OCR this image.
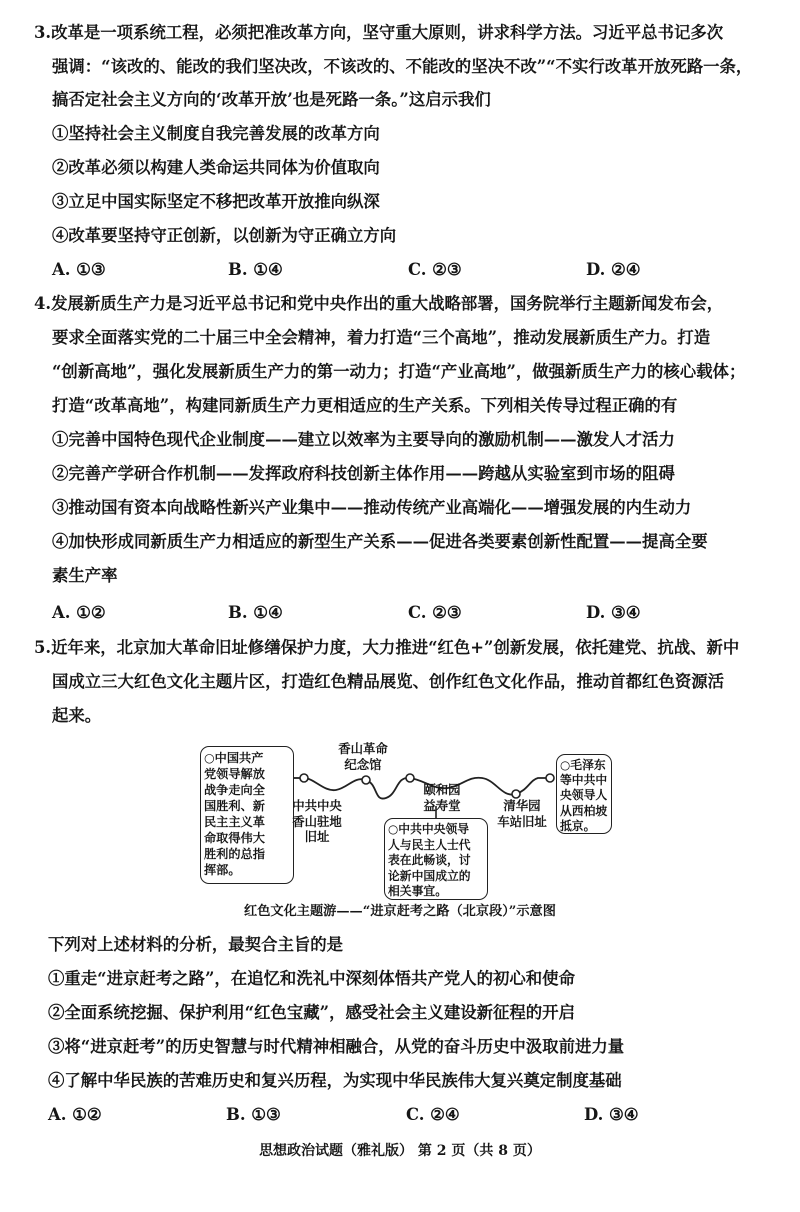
3.改革是一项系统工程，必须把准改革方向，坚守重大原则，讲求科学方法。习近平总书记多次
强调：“该改的、能改的我们坚决改，不该改的、不能改的坚决不改”“不实行改革开放死路一条，
搞否定社会主义方向的‘改革开放’也是死路一条。”这启示我们
①坚持社会主义制度自我完善发展的改革方向
②改革必须以构建人类命运共同体为价值取向
③立足中国实际坚定不移把改革开放推向纵深
④改革要坚持守正创新，以创新为守正确立方向
A. ①③	B. ①④	C. ②③	D. ②④
4.发展新质生产力是习近平总书记和党中央作出的重大战略部署，国务院举行主题新闻发布会，
要求全面落实党的二十届三中全会精神，着力打造“三个高地”，推动发展新质生产力。打造
“创新高地”，强化发展新质生产力的第一动力；打造“产业高地”，做强新质生产力的核心载体；
打造“改革高地”，构建同新质生产力更相适应的生产关系。下列相关传导过程正确的有
①完善中国特色现代企业制度——建立以效率为主要导向的激励机制——激发人才活力
②完善产学研合作机制——发挥政府科技创新主体作用——跨越从实验室到市场的阻碍
③推动国有资本向战略性新兴产业集中——推动传统产业高端化——增强发展的内生动力
④加快形成同新质生产力相适应的新型生产关系——促进各类要素创新性配置——提高全要
素生产率
A. ①②	B. ①④	C. ②③	D. ③④
5.近年来，北京加大革命旧址修缮保护力度，大力推进“红色+”创新发展，依托建党、抗战、新中
国成立三大红色文化主题片区，打造红色精品展览、创作红色文化作品，推动首都红色资源活
起来。
○中国共产
党领导解放
战争走向全
国胜利、新
民主主义革
命取得伟大
胜利的总指
挥部。
中共中央
香山驻地
旧址
香山革命
纪念馆
颐和园
益寿堂
○中共中央领导
人与民主人士代
表在此畅谈，讨
论新中国成立的
相关事宜。
清华园
车站旧址
○毛泽东
等中共中
央领导人
从西柏坡
抵京。
红色文化主题游——“进京赶考之路（北京段）”示意图
下列对上述材料的分析，最契合主旨的是
①重走“进京赶考之路”，在追忆和洗礼中深刻体悟共产党人的初心和使命
②全面系统挖掘、保护利用“红色宝藏”，感受社会主义建设新征程的开启
③将“进京赶考”的历史智慧与时代精神相融合，从党的奋斗历史中汲取前进力量
④了解中华民族的苦难历史和复兴历程，为实现中华民族伟大复兴奠定制度基础
A. ①②	B. ①③	C. ②④	D. ③④
思想政治试题（雅礼版） 第 2 页（共 8 页）
